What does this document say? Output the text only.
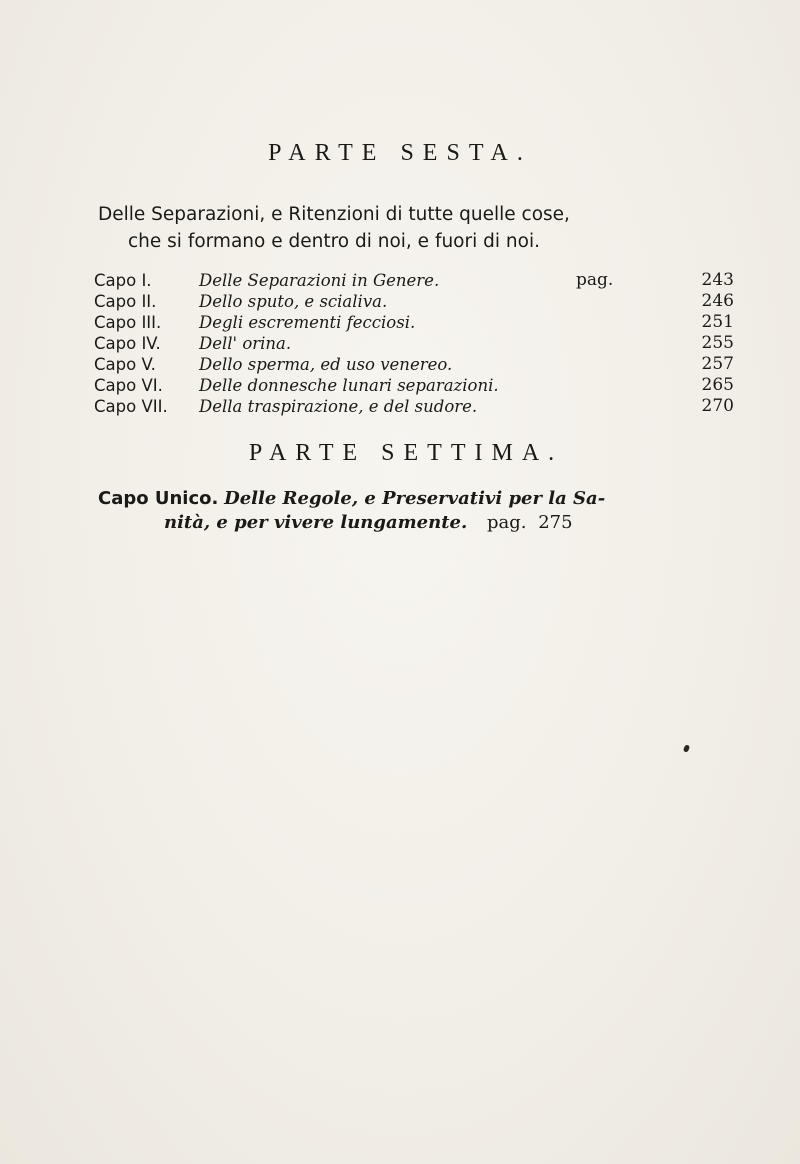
PARTE SESTA.
Delle Separazioni, e Ritenzioni di tutte quelle cose,
che si formano e dentro di noi, e fuori di noi.
Capo I.	Delle Separazioni in Genere.	pag.	243
Capo II.	Dello sputo, e scialiva.	246
Capo III. Degli escrementi fecciosi.	251
Capo IV. Dell' orina.	255
Capo V.	Dello sperma, ed uso venereo.	257
Capo VI. Delle donnesche lunari separazioni.	265
Capo VII. Della traspirazione, e del sudore.	270
PARTE SETTIMA.
Capo Unico. Delle Regole, e Preservativi per la Sa-
nità, e per vivere lungamente. pag. 275
